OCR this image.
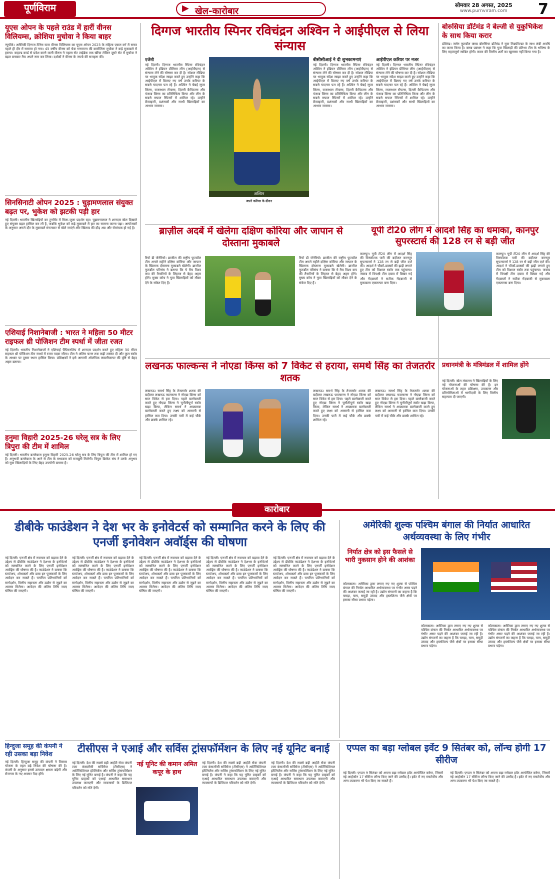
पूर्णविराम	▶ खेल-कारोबार
सोमवार 28 अगस्त, 2025
www.purnviram.com	7
यूएस ओपन के पहले राउंड में हारीं वीनस विलियम्स, क्रोशिया मुचोवा ने किया बाहर
न्यूयॉर्क। अमेरिकी दिग्गज टेनिस स्टार वीनस विलियम्स का यूएस ओपन 2025 के महिला एकल वर्ग में सफर पहले ही दौर में समाप्त हो गया। 45 वर्षीय वीनस को चेक गणराज्य की कारोलिना मुचोवा ने कड़े मुकाबले में हराया। वाइल्ड कार्ड से प्रवेश करने वाली वीनस ने पहला सेट टाईब्रेक तक खींचा लेकिन दूसरे सेट में मुचोवा ने बढ़त बनाकर मैच अपने नाम कर लिया। दर्शकों ने वीनस के जज्बे की सराहना की।
सिनसिनाटी ओपन 2025 : चुड़ामणलाल संयुक्त बढ़त पर, भुकेश को झटकी पड़ी हार
नई दिल्ली। भारतीय खिलाड़ियों का टूर्नामेंट में मिला-जुला प्रदर्शन रहा। चुड़ामणलाल ने शानदार खेल दिखाते हुए संयुक्त बढ़त हासिल कर ली है, जबकि भुकेश को कड़े मुकाबले में हार का सामना करना पड़ा। आयोजकों के अनुसार अगले दौर के मुकाबले मंगलवार से खेले जाएंगे और खिताब की दौड़ अब और रोमांचक हो गई है।
एशियाई निशानेबाजी : भारत ने महिला 50 मीटर राइफल थ्री पोजिशन टीम स्पर्धा में जीता रजत
नई दिल्ली। भारतीय निशानेबाजों ने एशियाई चैंपियनशिप में शानदार प्रदर्शन करते हुए महिला 50 मीटर राइफल थ्री पोजिशन टीम स्पर्धा में रजत पदक जीता। टीम ने अंतिम चरण तक कड़ी टक्कर दी और कुल स्कोर के आधार पर दूसरा स्थान हासिल किया। प्रशिक्षकों ने इसे आगामी ओलंपिक क्वालीफायर की दृष्टि से बेहद अहम बताया।
हनुमा विहारी 2025-26 घरेलू सत्र के लिए त्रिपुरा की टीम में शामिल
नई दिल्ली। भारतीय बल्लेबाज हनुमा विहारी 2025-26 घरेलू सत्र के लिए त्रिपुरा की टीम में शामिल हो गए हैं। अनुभवी बल्लेबाज के आने से टीम के मध्यक्रम को मजबूती मिलेगी। त्रिपुरा क्रिकेट संघ ने उनके अनुभव को युवा खिलाड़ियों के लिए बेहद उपयोगी बताया है।
दिग्गज भारतीय स्पिनर रविचंद्रन अश्विन ने आईपीएल से लिया संन्यास
एजेंसी
नई दिल्ली। दिग्गज भारतीय स्पिनर रविचंद्रन अश्विन ने इंडियन प्रीमियर लीग (आईपीएल) से संन्यास लेने की घोषणा कर दी है। सोशल मीडिया पर भावुक संदेश साझा करते हुए उन्होंने कहा कि आईपीएल में बिताए गए वर्ष उनके करियर के सबसे यादगार पल रहे हैं। अश्विन ने चेन्नई सुपर किंग्स, राजस्थान रॉयल्स, दिल्ली कैपिटल्स और पंजाब किंग्स का प्रतिनिधित्व किया और लीग के सबसे सफल स्पिनरों में शामिल रहे। उन्होंने फ्रेंचाइजी, प्रशंसकों और साथी खिलाड़ियों का आभार जताया।
अश्विन
अपने करियर के दौरान
बीसीसीआई ने दी शुभकामनाएं
नई दिल्ली। दिग्गज भारतीय स्पिनर रविचंद्रन अश्विन ने इंडियन प्रीमियर लीग (आईपीएल) से संन्यास लेने की घोषणा कर दी है। सोशल मीडिया पर भावुक संदेश साझा करते हुए उन्होंने कहा कि आईपीएल में बिताए गए वर्ष उनके करियर के सबसे यादगार पल रहे हैं। अश्विन ने चेन्नई सुपर किंग्स, राजस्थान रॉयल्स, दिल्ली कैपिटल्स और पंजाब किंग्स का प्रतिनिधित्व किया और लीग के सबसे सफल स्पिनरों में शामिल रहे। उन्होंने फ्रेंचाइजी, प्रशंसकों और साथी खिलाड़ियों का आभार जताया।
आईपीएल करियर पर नजर
नई दिल्ली। दिग्गज भारतीय स्पिनर रविचंद्रन अश्विन ने इंडियन प्रीमियर लीग (आईपीएल) से संन्यास लेने की घोषणा कर दी है। सोशल मीडिया पर भावुक संदेश साझा करते हुए उन्होंने कहा कि आईपीएल में बिताए गए वर्ष उनके करियर के सबसे यादगार पल रहे हैं। अश्विन ने चेन्नई सुपर किंग्स, राजस्थान रॉयल्स, दिल्ली कैपिटल्स और पंजाब किंग्स का प्रतिनिधित्व किया और लीग के सबसे सफल स्पिनरों में शामिल रहे। उन्होंने फ्रेंचाइजी, प्रशंसकों और साथी खिलाड़ियों का आभार जताया।
बोरुसिया डॉर्टमंड ने बेल्जी से युकुभिकेश के साथ किया करार
डॉर्टमंड। जर्मन फुटबॉल क्लब बोरुसिया डॉर्टमंड ने युवा मिडफील्डर के साथ लंबी अवधि का करार किया है। क्लब प्रबंधन ने कहा कि युवा खिलाड़ी की प्रतिभा टीम के भविष्य के लिए महत्वपूर्ण साबित होगी। करार की वित्तीय शर्तों का खुलासा नहीं किया गया है।
ब्राज़ील अदर्बे में खेलेगा दक्षिण कोरिया और जापान से दोस्ताना मुकाबले
रियो डी जेनेरियो। ब्राजील की राष्ट्रीय फुटबॉल टीम अगले महीने दक्षिण कोरिया और जापान के खिलाफ दोस्ताना मुकाबले खेलेगी। ब्राजील फुटबॉल परिसंघ ने बताया कि ये मैच विश्व कप की तैयारियों के लिहाज से बेहद अहम होंगे। मुख्य कोच ने युवा खिलाड़ियों को मौका देने के संकेत दिए हैं।
रियो डी जेनेरियो। ब्राजील की राष्ट्रीय फुटबॉल टीम अगले महीने दक्षिण कोरिया और जापान के खिलाफ दोस्ताना मुकाबले खेलेगी। ब्राजील फुटबॉल परिसंघ ने बताया कि ये मैच विश्व कप की तैयारियों के लिहाज से बेहद अहम होंगे। मुख्य कोच ने युवा खिलाड़ियों को मौका देने के संकेत दिए हैं।
यूपी टी20 लीग में आदर्श सिंह का धमाका, कानपुर सुपरस्टार्स की 128 रन से बड़ी जीत
कानपुर। यूपी टी20 लीग में आदर्श सिंह की विस्फोटक पारी की बदौलत कानपुर सुपरस्टार्स ने 128 रन से बड़ी जीत दर्ज की। आदर्श ने चौकों-छक्कों की झड़ी लगाते हुए टीम को विशाल स्कोर तक पहुंचाया। जवाब में विपक्षी टीम दबाव में बिखर गई और गेंदबाजों ने सटीक गेंदबाजी से मुकाबला एकतरफा बना दिया।
कानपुर। यूपी टी20 लीग में आदर्श सिंह की विस्फोटक पारी की बदौलत कानपुर सुपरस्टार्स ने 128 रन से बड़ी जीत दर्ज की। आदर्श ने चौकों-छक्कों की झड़ी लगाते हुए टीम को विशाल स्कोर तक पहुंचाया। जवाब में विपक्षी टीम दबाव में बिखर गई और गेंदबाजों ने सटीक गेंदबाजी से मुकाबला एकतरफा बना दिया।
लखनऊ फाल्कन्स ने नोएडा किंग्स को 7 विकेट से हराया, समर्थ सिंह का तेजतर्रार शतक
लखनऊ। समर्थ सिंह के तेजतर्रार शतक की बदौलत लखनऊ फाल्कन्स ने नोएडा किंग्स को सात विकेट से हरा दिया। पहले बल्लेबाजी करते हुए नोएडा किंग्स ने चुनौतीपूर्ण स्कोर खड़ा किया, लेकिन समर्थ ने आक्रामक बल्लेबाजी करते हुए लक्ष्य को आसानी से हासिल करा दिया। उनकी पारी में कई चौके और छक्के शामिल रहे।
लखनऊ। समर्थ सिंह के तेजतर्रार शतक की बदौलत लखनऊ फाल्कन्स ने नोएडा किंग्स को सात विकेट से हरा दिया। पहले बल्लेबाजी करते हुए नोएडा किंग्स ने चुनौतीपूर्ण स्कोर खड़ा किया, लेकिन समर्थ ने आक्रामक बल्लेबाजी करते हुए लक्ष्य को आसानी से हासिल करा दिया। उनकी पारी में कई चौके और छक्के शामिल रहे।
लखनऊ। समर्थ सिंह के तेजतर्रार शतक की बदौलत लखनऊ फाल्कन्स ने नोएडा किंग्स को सात विकेट से हरा दिया। पहले बल्लेबाजी करते हुए नोएडा किंग्स ने चुनौतीपूर्ण स्कोर खड़ा किया, लेकिन समर्थ ने आक्रामक बल्लेबाजी करते हुए लक्ष्य को आसानी से हासिल करा दिया। उनकी पारी में कई चौके और छक्के शामिल रहे।
प्रधानमंत्री के मंत्रिमंडल में शामिल होंगे
नई दिल्ली। खेल मंत्रालय ने खिलाड़ियों के लिए नई योजनाओं की घोषणा की है। इन योजनाओं के तहत प्रशिक्षण, उपकरण और प्रतियोगिताओं में भागीदारी के लिए वित्तीय सहायता दी जाएगी।
कारोबार
डीबीके फाउंडेशन ने देश भर के इनोवेटर्स को सम्मानित करने के लिए की एनर्जी इनोवेशन अवॉर्ड्स की घोषणा
नई दिल्ली। एनर्जी क्षेत्र में नवाचार को बढ़ावा देने के उद्देश्य से डीबीके फाउंडेशन ने देशभर के इनोवेटर्स को सम्मानित करने के लिए एनर्जी इनोवेशन अवॉर्ड्स की घोषणा की है। फाउंडेशन ने बताया कि स्टार्टअप, शोधकर्ता और छात्र इन पुरस्कारों के लिए आवेदन कर सकते हैं। चयनित प्रतिभागियों को मार्गदर्शन, वित्तीय सहायता और उद्योग से जुड़ने का अवसर मिलेगा। आवेदन की अंतिम तिथि जल्द घोषित की जाएगी।
नई दिल्ली। एनर्जी क्षेत्र में नवाचार को बढ़ावा देने के उद्देश्य से डीबीके फाउंडेशन ने देशभर के इनोवेटर्स को सम्मानित करने के लिए एनर्जी इनोवेशन अवॉर्ड्स की घोषणा की है। फाउंडेशन ने बताया कि स्टार्टअप, शोधकर्ता और छात्र इन पुरस्कारों के लिए आवेदन कर सकते हैं। चयनित प्रतिभागियों को मार्गदर्शन, वित्तीय सहायता और उद्योग से जुड़ने का अवसर मिलेगा। आवेदन की अंतिम तिथि जल्द घोषित की जाएगी।
नई दिल्ली। एनर्जी क्षेत्र में नवाचार को बढ़ावा देने के उद्देश्य से डीबीके फाउंडेशन ने देशभर के इनोवेटर्स को सम्मानित करने के लिए एनर्जी इनोवेशन अवॉर्ड्स की घोषणा की है। फाउंडेशन ने बताया कि स्टार्टअप, शोधकर्ता और छात्र इन पुरस्कारों के लिए आवेदन कर सकते हैं। चयनित प्रतिभागियों को मार्गदर्शन, वित्तीय सहायता और उद्योग से जुड़ने का अवसर मिलेगा। आवेदन की अंतिम तिथि जल्द घोषित की जाएगी।
नई दिल्ली। एनर्जी क्षेत्र में नवाचार को बढ़ावा देने के उद्देश्य से डीबीके फाउंडेशन ने देशभर के इनोवेटर्स को सम्मानित करने के लिए एनर्जी इनोवेशन अवॉर्ड्स की घोषणा की है। फाउंडेशन ने बताया कि स्टार्टअप, शोधकर्ता और छात्र इन पुरस्कारों के लिए आवेदन कर सकते हैं। चयनित प्रतिभागियों को मार्गदर्शन, वित्तीय सहायता और उद्योग से जुड़ने का अवसर मिलेगा। आवेदन की अंतिम तिथि जल्द घोषित की जाएगी।
नई दिल्ली। एनर्जी क्षेत्र में नवाचार को बढ़ावा देने के उद्देश्य से डीबीके फाउंडेशन ने देशभर के इनोवेटर्स को सम्मानित करने के लिए एनर्जी इनोवेशन अवॉर्ड्स की घोषणा की है। फाउंडेशन ने बताया कि स्टार्टअप, शोधकर्ता और छात्र इन पुरस्कारों के लिए आवेदन कर सकते हैं। चयनित प्रतिभागियों को मार्गदर्शन, वित्तीय सहायता और उद्योग से जुड़ने का अवसर मिलेगा। आवेदन की अंतिम तिथि जल्द घोषित की जाएगी।
अमेरिकी शुल्क पश्चिम बंगाल की निर्यात आधारित अर्थव्यवस्था के लिए गंभीर
निर्यात क्षेत्र को इस फैसले से भारी नुकसान होने की आशंका
कोलकाता। अमेरिका द्वारा लगाए गए नए शुल्क से पश्चिम बंगाल की निर्यात आधारित अर्थव्यवस्था पर गंभीर असर पड़ने की आशंका जताई जा रही है। उद्योग संगठनों का कहना है कि चमड़ा, चाय, समुद्री उत्पाद और हस्तशिल्प जैसे क्षेत्रों पर इसका सीधा प्रभाव पड़ेगा।
कोलकाता। अमेरिका द्वारा लगाए गए नए शुल्क से पश्चिम बंगाल की निर्यात आधारित अर्थव्यवस्था पर गंभीर असर पड़ने की आशंका जताई जा रही है। उद्योग संगठनों का कहना है कि चमड़ा, चाय, समुद्री उत्पाद और हस्तशिल्प जैसे क्षेत्रों पर इसका सीधा प्रभाव पड़ेगा।
कोलकाता। अमेरिका द्वारा लगाए गए नए शुल्क से पश्चिम बंगाल की निर्यात आधारित अर्थव्यवस्था पर गंभीर असर पड़ने की आशंका जताई जा रही है। उद्योग संगठनों का कहना है कि चमड़ा, चाय, समुद्री उत्पाद और हस्तशिल्प जैसे क्षेत्रों पर इसका सीधा प्रभाव पड़ेगा।
हिन्दुजा समूह की कंपनी ने रही उसका बड़ा निवेश
नई दिल्ली। हिन्दुजा समूह की कंपनी ने विस्तार योजना के तहत बड़े निवेश की घोषणा की है। कंपनी के अनुसार इससे उत्पादन क्षमता बढ़ेगी और रोजगार के नए अवसर पैदा होंगे।
टीसीएस ने एआई और सर्विस ट्रांसफॉर्मेशन के लिए नई यूनिट बनाई
नई दिल्ली। देश की सबसे बड़ी आईटी सेवा कंपनी टाटा कंसल्टेंसी सर्विसेज (टीसीएस) ने आर्टिफिशियल इंटेलिजेंस और सर्विस ट्रांसफॉर्मेशन के लिए नई यूनिट बनाई है। कंपनी ने कहा कि यह यूनिट ग्राहकों को एआई आधारित समाधान उपलब्ध कराएगी और व्यवसायों के डिजिटल परिवर्तन को गति देगी।
नई यूनिट की कमान अमित कपूर के हाथ
नई दिल्ली। देश की सबसे बड़ी आईटी सेवा कंपनी टाटा कंसल्टेंसी सर्विसेज (टीसीएस) ने आर्टिफिशियल इंटेलिजेंस और सर्विस ट्रांसफॉर्मेशन के लिए नई यूनिट बनाई है। कंपनी ने कहा कि यह यूनिट ग्राहकों को एआई आधारित समाधान उपलब्ध कराएगी और व्यवसायों के डिजिटल परिवर्तन को गति देगी।
नई दिल्ली। देश की सबसे बड़ी आईटी सेवा कंपनी टाटा कंसल्टेंसी सर्विसेज (टीसीएस) ने आर्टिफिशियल इंटेलिजेंस और सर्विस ट्रांसफॉर्मेशन के लिए नई यूनिट बनाई है। कंपनी ने कहा कि यह यूनिट ग्राहकों को एआई आधारित समाधान उपलब्ध कराएगी और व्यवसायों के डिजिटल परिवर्तन को गति देगी।
एप्पल का बड़ा ग्लोबल इवेंट 9 सितंबर को, लॉन्च होगी 17 सीरीज
नई दिल्ली। एप्पल 9 सितंबर को अपना बड़ा ग्लोबल इवेंट आयोजित करेगा, जिसमें नई आईफोन 17 सीरीज लॉन्च किए जाने की उम्मीद है। इवेंट में नए स्मार्टवॉच और अन्य उपकरण भी पेश किए जा सकते हैं।
नई दिल्ली। एप्पल 9 सितंबर को अपना बड़ा ग्लोबल इवेंट आयोजित करेगा, जिसमें नई आईफोन 17 सीरीज लॉन्च किए जाने की उम्मीद है। इवेंट में नए स्मार्टवॉच और अन्य उपकरण भी पेश किए जा सकते हैं।
